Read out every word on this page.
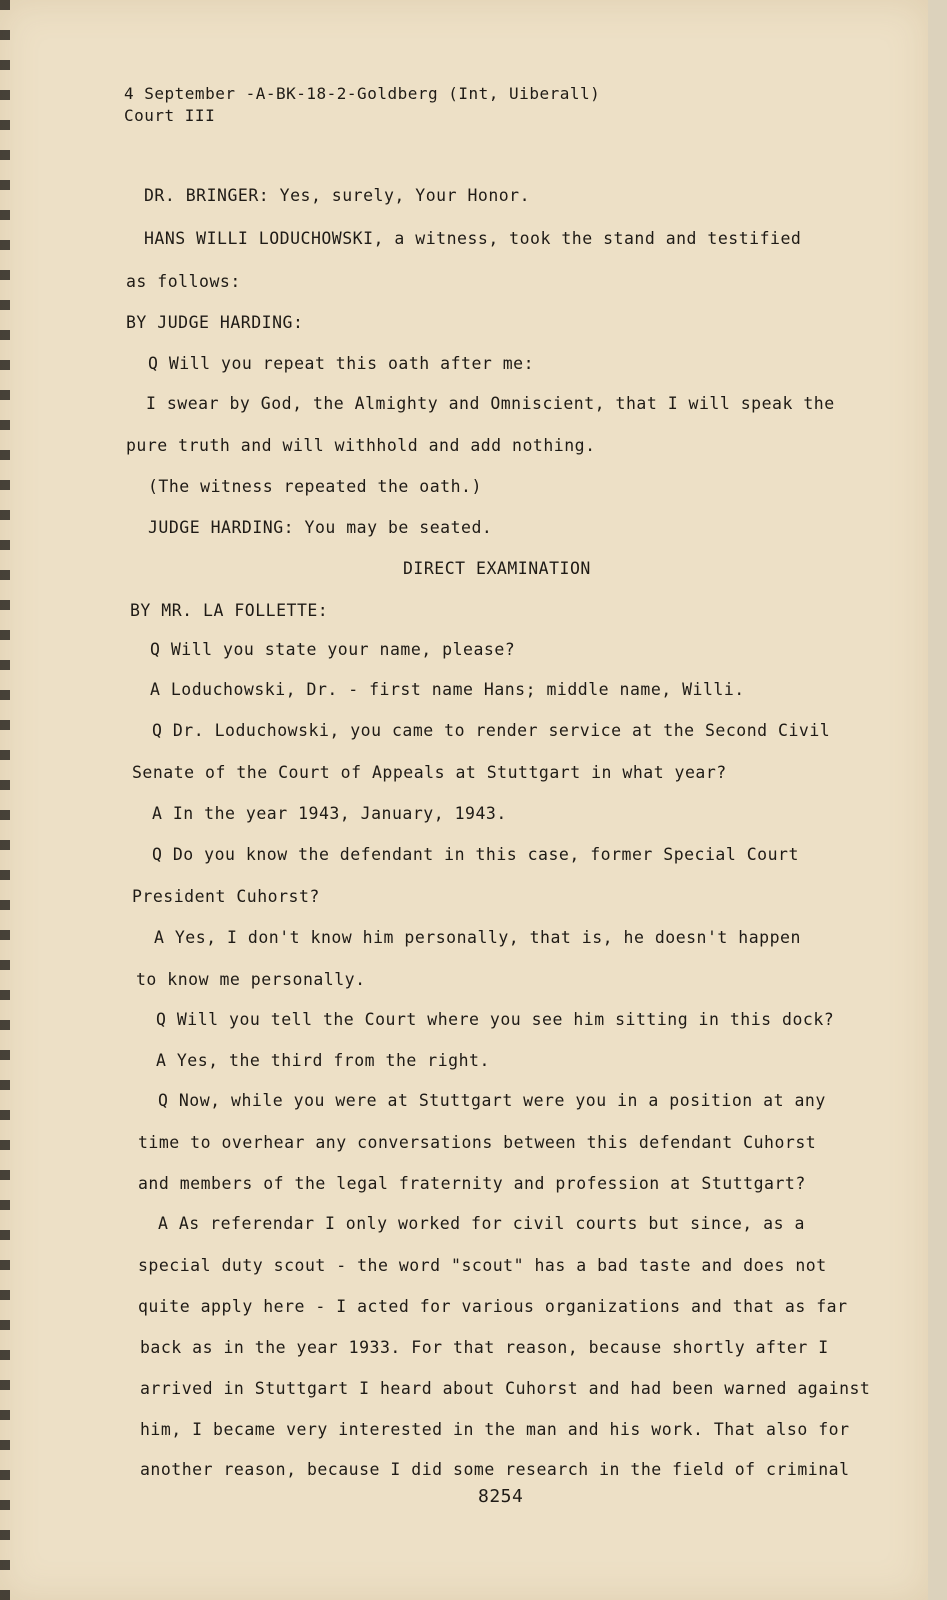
4 September -A-BK-18-2-Goldberg (Int, Uiberall)
Court III
DR. BRINGER: Yes, surely, Your Honor.
HANS WILLI LODUCHOWSKI, a witness, took the stand and testified
as follows:
BY JUDGE HARDING:
Q Will you repeat this oath after me:
I swear by God, the Almighty and Omniscient, that I will speak the
pure truth and will withhold and add nothing.
(The witness repeated the oath.)
JUDGE HARDING: You may be seated.
DIRECT EXAMINATION
BY MR. LA FOLLETTE:
Q Will you state your name, please?
A Loduchowski, Dr. - first name Hans; middle name, Willi.
Q Dr. Loduchowski, you came to render service at the Second Civil
Senate of the Court of Appeals at Stuttgart in what year?
A In the year 1943, January, 1943.
Q Do you know the defendant in this case, former Special Court
President Cuhorst?
A Yes, I don't know him personally, that is, he doesn't happen
to know me personally.
Q Will you tell the Court where you see him sitting in this dock?
A Yes, the third from the right.
Q Now, while you were at Stuttgart were you in a position at any
time to overhear any conversations between this defendant Cuhorst
and members of the legal fraternity and profession at Stuttgart?
A As referendar I only worked for civil courts but since, as a
special duty scout - the word "scout" has a bad taste and does not
quite apply here - I acted for various organizations and that as far
back as in the year 1933. For that reason, because shortly after I
arrived in Stuttgart I heard about Cuhorst and had been warned against
him, I became very interested in the man and his work. That also for
another reason, because I did some research in the field of criminal
8254
